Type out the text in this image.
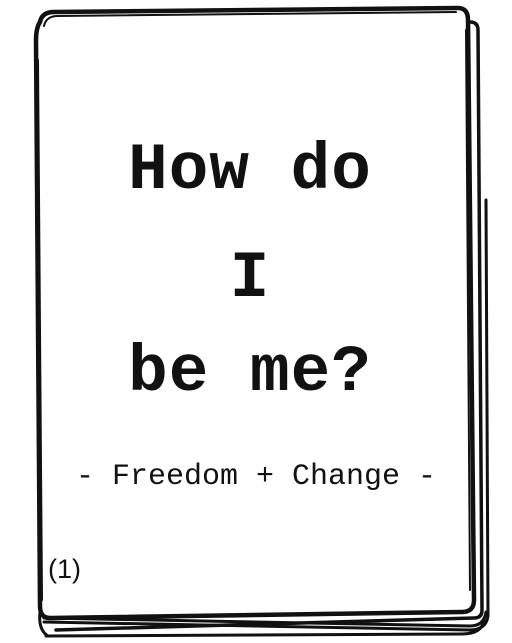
How do
I
be me?
- Freedom + Change -
(1)
